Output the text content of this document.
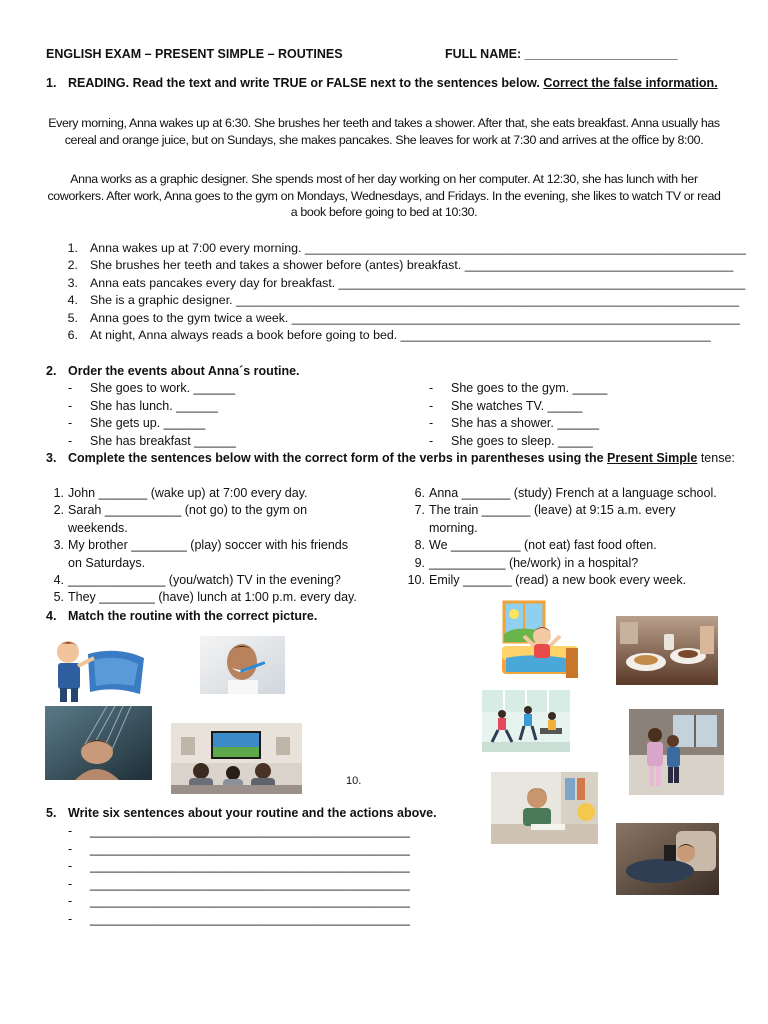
ENGLISH EXAM – PRESENT SIMPLE – ROUTINES	FULL NAME: ______________________
1. READING. Read the text and write TRUE or FALSE next to the sentences below. Correct the false information.
Every morning, Anna wakes up at 6:30. She brushes her teeth and takes a shower. After that, she eats breakfast. Anna usually has cereal and orange juice, but on Sundays, she makes pancakes. She leaves for work at 7:30 and arrives at the office by 8:00.
Anna works as a graphic designer. She spends most of her day working on her computer. At 12:30, she has lunch with her coworkers. After work, Anna goes to the gym on Mondays, Wednesdays, and Fridays. In the evening, she likes to watch TV or read a book before going to bed at 10:30.
1. Anna wakes up at 7:00 every morning. ________________________________________________________________
2. She brushes her teeth and takes a shower before (antes) breakfast. _______________________________________
3. Anna eats pancakes every day for breakfast. ___________________________________________________________
4. She is a graphic designer. _________________________________________________________________________
5. Anna goes to the gym twice a week. _________________________________________________________________
6. At night, Anna always reads a book before going to bed. _____________________________________________
2. Order the events about Anna´s routine.
- She goes to work. ______
- She has lunch. ______
- She gets up. ______
- She has breakfast ______
- She goes to the gym. _____
- She watches TV. _____
- She has a shower. ______
- She goes to sleep. _____
3. Complete the sentences below with the correct form of the verbs in parentheses using the Present Simple tense:
1. John _______ (wake up) at 7:00 every day.
2. Sarah ___________ (not go) to the gym on
weekends.
3. My brother ________ (play) soccer with his friends
on Saturdays.
4. ______________ (you/watch) TV in the evening?
5. They ________ (have) lunch at 1:00 p.m. every day.
6. Anna _______ (study) French at a language school.
7. The train _______ (leave) at 9:15 a.m. every
morning.
8. We __________ (not eat) fast food often.
9. ___________ (he/work) in a hospital?
10. Emily _______ (read) a new book every week.
4. Match the routine with the correct picture.
10.
5. Write six sentences about your routine and the actions above.
- ______________________________________________
- ______________________________________________
- ______________________________________________
- ______________________________________________
- ______________________________________________
- ______________________________________________
